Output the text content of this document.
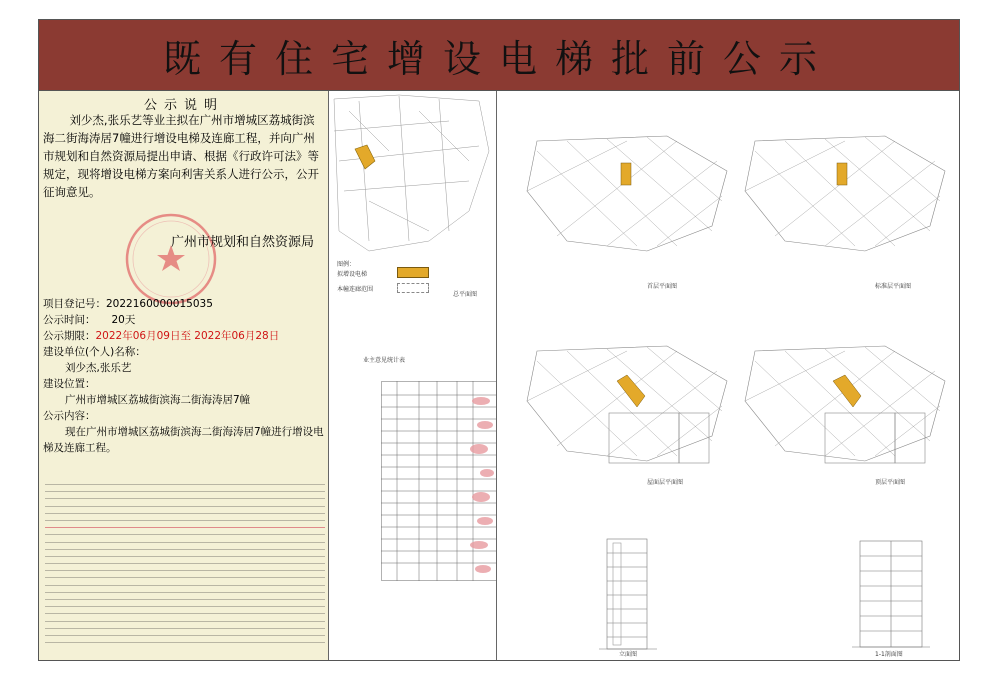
既有住宅增设电梯批前公示
公示说明

刘少杰,张乐艺等业主拟在广州市增城区荔城街滨海二街海涛居7幢进行增设电梯及连廊工程，并向广州市规划和自然资源局提出申请、根据《行政许可法》等规定，现将增设电梯方案向利害关系人进行公示，公开征询意见。

广州市规划和自然资源局
项目登记号：2022160000015035
公示时间： 20天
公示期限：2022年06月09日至 2022年06月28日
建设单位(个人)名称：
刘少杰,张乐艺
建设位置：
广州市增城区荔城街滨海二街海涛居7幢
公示内容：
现在广州市增城区荔城街滨海二街海涛居7幢进行增设电梯及连廊工程。
图例：
拟增设电梯
本幢连廊范围
总平面图
业主意见统计表
首层平面图	标准层平面图
屋面层平面图	顶层平面图
立面图	1-1剖面图
